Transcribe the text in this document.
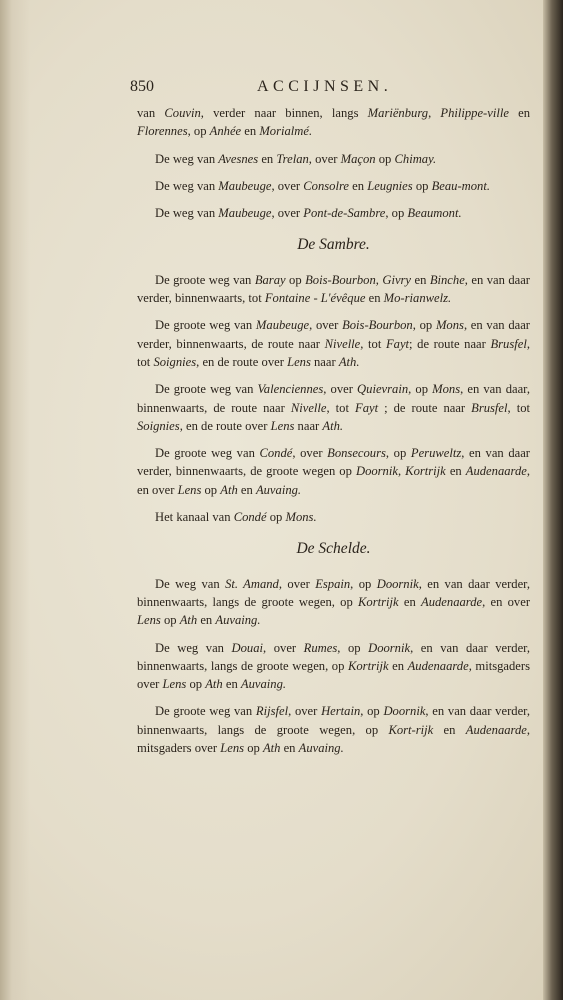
850	ACCIJNSEN.

van Couvin, verder naar binnen, langs Mariënburg, Philippe-ville en Florennes, op Anhée en Morialmé.

De weg van Avesnes en Trelan, over Maçon op Chimay.

De weg van Maubeuge, over Consolre en Leugnies op Beau-mont.

De weg van Maubeuge, over Pont-de-Sambre, op Beaumont.

De Sambre.

De groote weg van Baray op Bois-Bourbon, Givry en Binche, en van daar verder, binnenwaarts, tot Fontaine - L'évêque en Mo-rianwelz.

De groote weg van Maubeuge, over Bois-Bourbon, op Mons, en van daar verder, binnenwaarts, de route naar Nivelle, tot Fayt; de route naar Brusfel, tot Soignies, en de route over Lens naar Ath.

De groote weg van Valenciennes, over Quievrain, op Mons, en van daar, binnenwaarts, de route naar Nivelle, tot Fayt ; de route naar Brusfel, tot Soignies, en de route over Lens naar Ath.

De groote weg van Condé, over Bonsecours, op Peruweltz, en van daar verder, binnenwaarts, de groote wegen op Doornik, Kortrijk en Audenaarde, en over Lens op Ath en Auvaing.

Het kanaal van Condé op Mons.

De Schelde.

De weg van St. Amand, over Espain, op Doornik, en van daar verder, binnenwaarts, langs de groote wegen, op Kortrijk en Audenaarde, en over Lens op Ath en Auvaing.

De weg van Douai, over Rumes, op Doornik, en van daar verder, binnenwaarts, langs de groote wegen, op Kortrijk en Audenaarde, mitsgaders over Lens op Ath en Auvaing.

De groote weg van Rijsfel, over Hertain, op Doornik, en van daar verder, binnenwaarts, langs de groote wegen, op Kort-rijk en Audenaarde, mitsgaders over Lens op Ath en Auvaing.
